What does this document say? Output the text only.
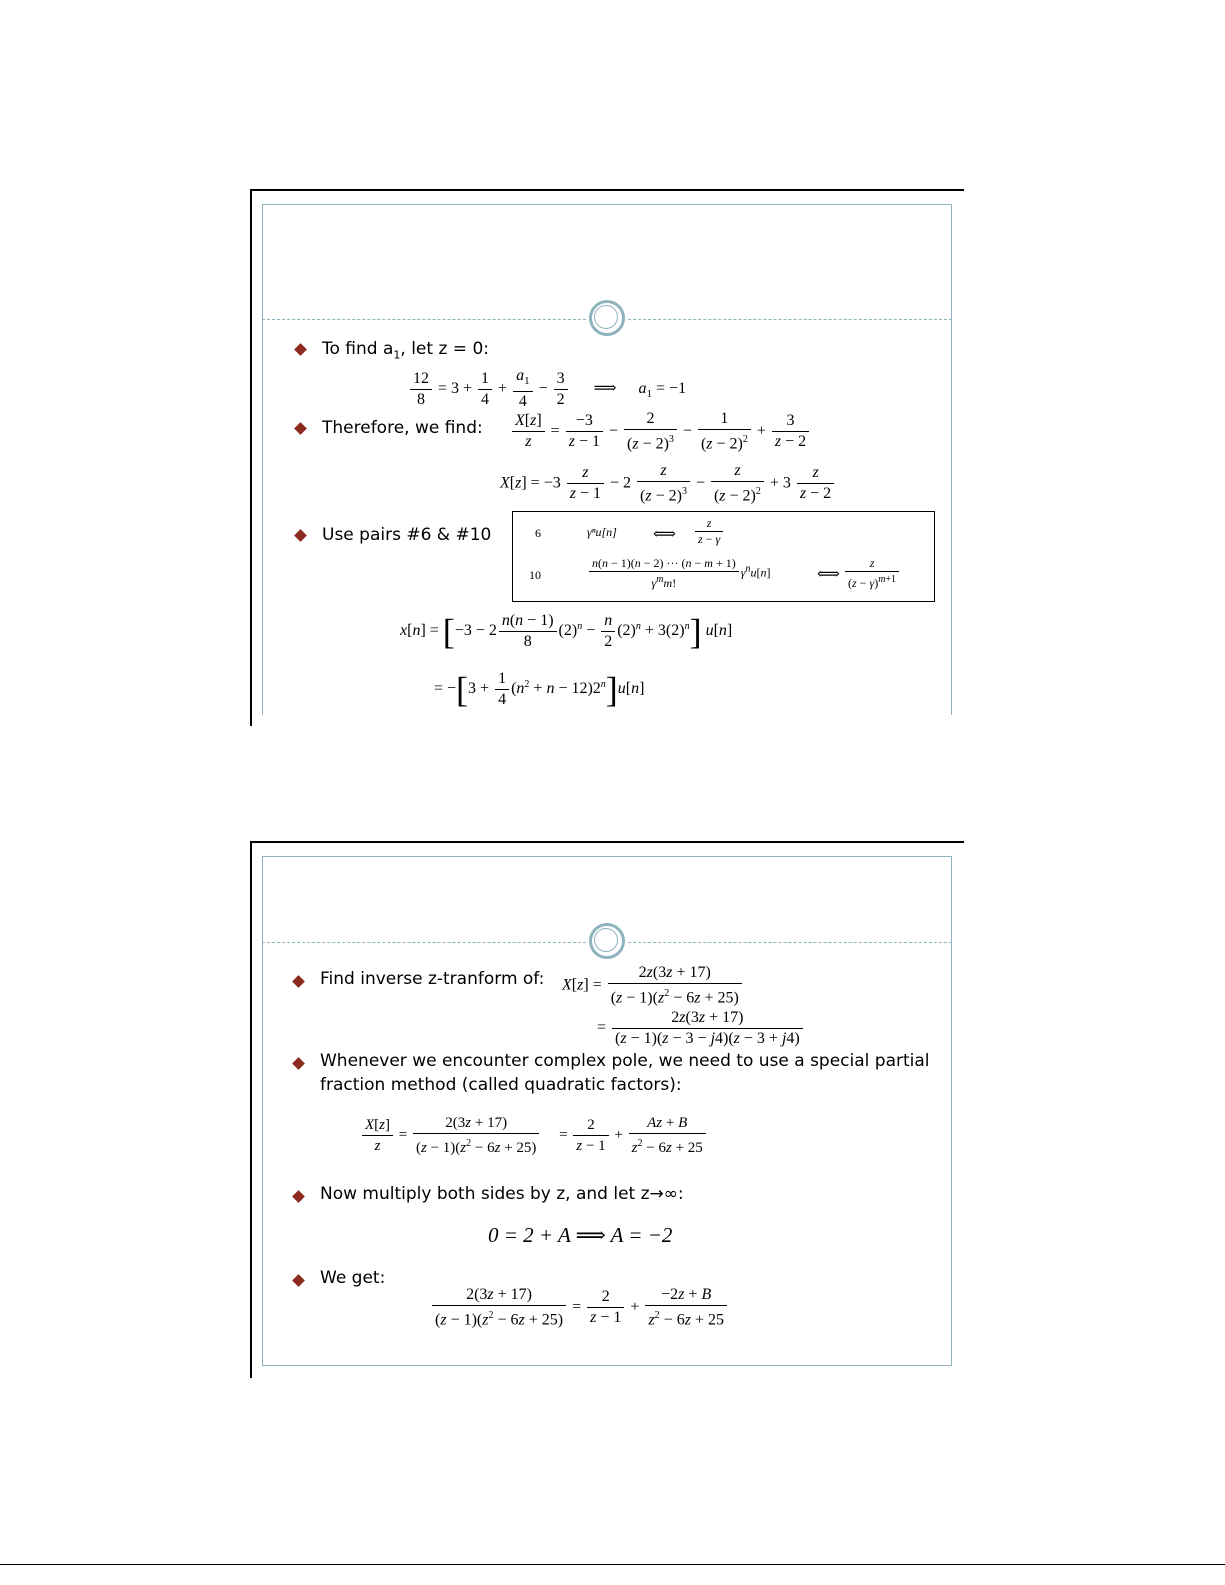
To find $a_1$, let z = 0:
$\frac{12}{8} = 3 + \frac{1}{4} + \frac{a_1}{4} - \frac{3}{2}$ ⟹ $a_1 = -1$
Therefore, we find: $\frac{X[z]}{z} = \frac{-3}{z - 1} - \frac{2}{(z - 2)^3} - \frac{1}{(z - 2)^2} + \frac{3}{z - 2}$
$X[z] = -3 \frac{z}{z - 1} - 2 \frac{z}{(z - 2)^3} - \frac{z}{(z - 2)^2} + 3 \frac{z}{z - 2}$
Use pairs #6 & #10	6	γⁿu[n] ⟺ $\frac{z}{z - \gamma}$
10	$\frac{n(n - 1)(n - 2) \cdot\cdot\cdot (n - m + 1)}{\gamma^mm!} \gamma^nu[n]$	⟺ $\frac{z}{(z - \gamma)^{m+1}}$
$x[n] = [-3 - 2 \frac{n(n - 1)}{8} (2)^n - \frac{n}{2} (2)^n + 3(2)^n]$ u[n]
= $-[3 + \frac{1}{4} (n^2 + n - 12)2^n]u[n]$
Find inverse z-tranform of: $X[z] = \frac{2z(3z + 17)}{(z - 1)(z^2 - 6z + 25)}$
= $\frac{2z(3z + 17)}{(z - 1)(z - 3 - j4)(z - 3 + j4)}$
Whenever we encounter complex pole, we need to use a special partial
fraction method (called quadratic factors):
$\frac{X[z]}{z} = \frac{2(3z + 17)}{(z - 1)(z^2 - 6z + 25)} = \frac{2}{z - 1} + \frac{Az + B}{z^2 - 6z + 25}$
Now multiply both sides by z, and let z→∞:
0 = 2 + A ⟹ A = −2
We get:
$\frac{2(3z + 17)}{(z - 1)(z^2 - 6z + 25)} = \frac{2}{z - 1} + \frac{-2z + B}{z^2 - 6z + 25}$
